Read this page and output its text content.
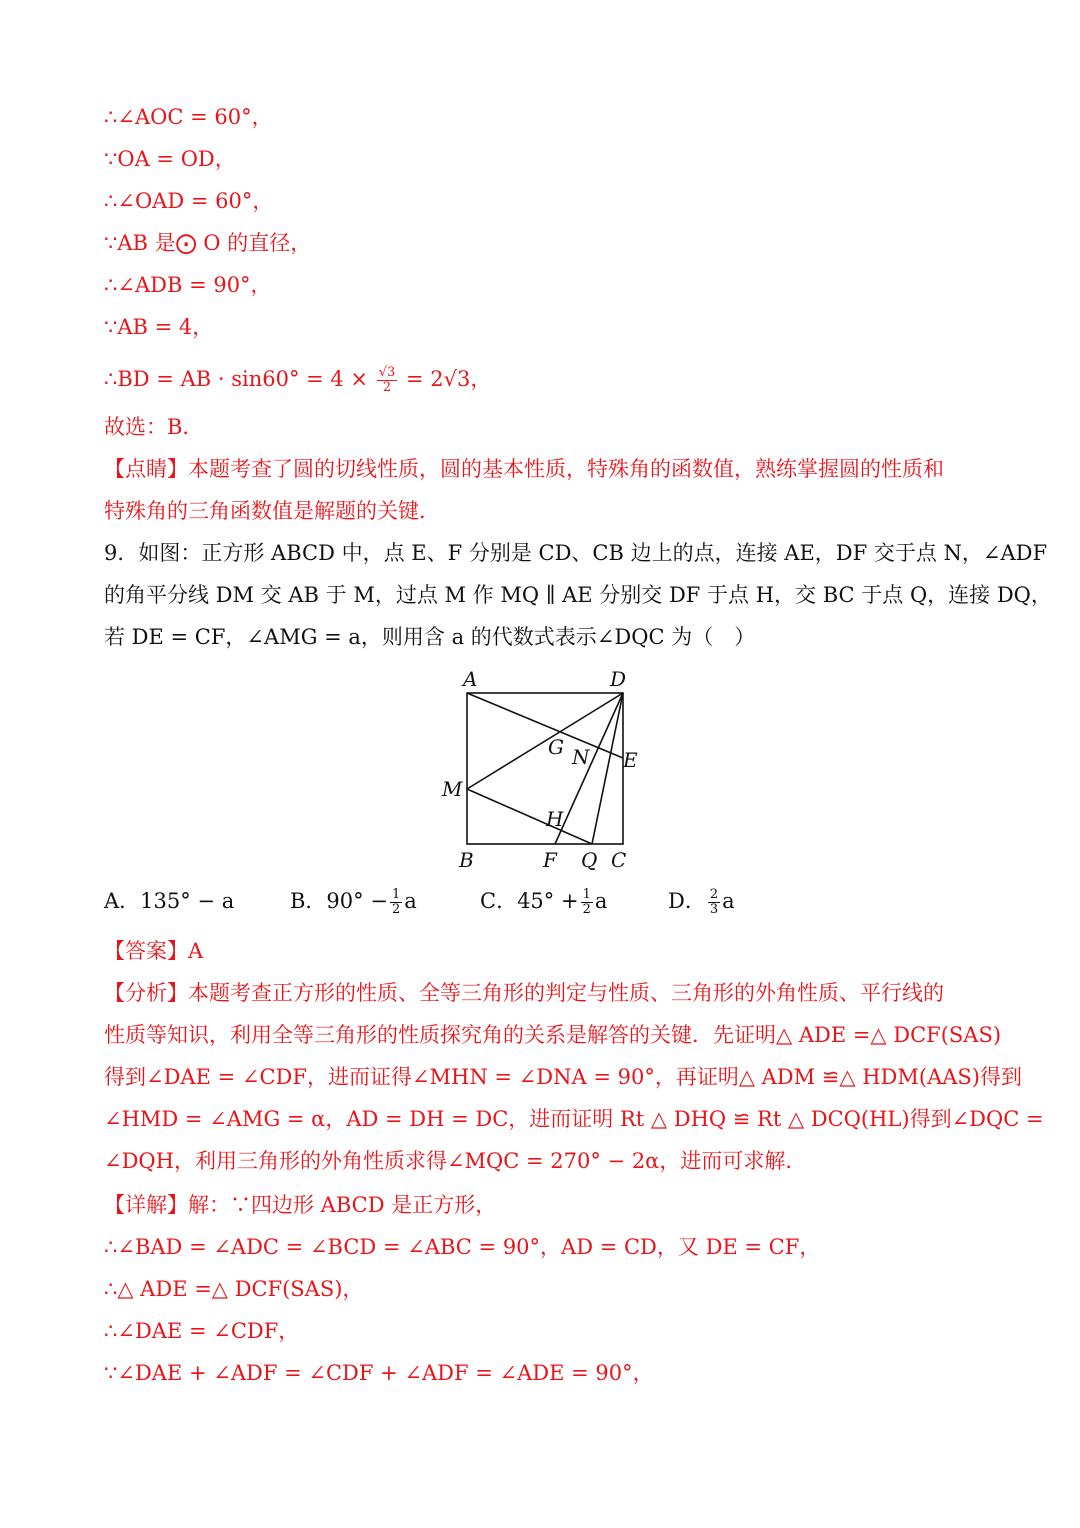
∴∠AOC = 60°，
∵OA = OD，
∴∠OAD = 60°，
∵AB 是⨀ O 的直径，
∴∠ADB = 90°，
∵AB = 4，
∴BD = AB · $\sin 60^\circ = 4 \times \frac{√3}{2} = 2√3$，
故选：B．
【点睛】本题考查了圆的切线性质，圆的基本性质，特殊角的函数值，熟练掌握圆的性质和
特殊角的三角函数值是解题的关键．
9．如图：正方形 ABCD 中，点 E、F 分别是 CD、CB 边上的点，连接 AE，DF 交于点 N，∠ADF
的角平分线 DM 交 AB 于 M，过点 M 作 MQ ∥ AE 分别交 DF 于点 H，交 BC 于点 Q，连接 DQ，
若 DE = CF，∠AMG = a，则用含 a 的代数式表示∠DQC 为（　）
A	D
G N E
M
H
B	F Q C
A．135° − a	B．$90^\circ - \frac{1}{2}$ a	C．$45^\circ + \frac{1}{2}$ a	D． $\frac{2}{3}$ a
【答案】A
【分析】本题考查正方形的性质、全等三角形的判定与性质、三角形的外角性质、平行线的
性质等知识，利用全等三角形的性质探究角的关系是解答的关键．先证明△ ADE =△ DCF(SAS)
得到∠DAE = ∠CDF，进而证得∠MHN = ∠DNA = 90°，再证明△ ADM ≌△ HDM(AAS)得到
∠HMD = ∠AMG = α，AD = DH = DC，进而证明 Rt △ DHQ ≌ Rt △ DCQ(HL)得到∠DQC =
∠DQH，利用三角形的外角性质求得∠MQC = 270° − 2α，进而可求解．
【详解】解：∵四边形 ABCD 是正方形，
∴∠BAD = ∠ADC = ∠BCD = ∠ABC = 90°，AD = CD，又 DE = CF，
∴△ ADE =△ DCF(SAS)，
∴∠DAE = ∠CDF，
∵∠DAE + ∠ADF = ∠CDF + ∠ADF = ∠ADE = 90°，
